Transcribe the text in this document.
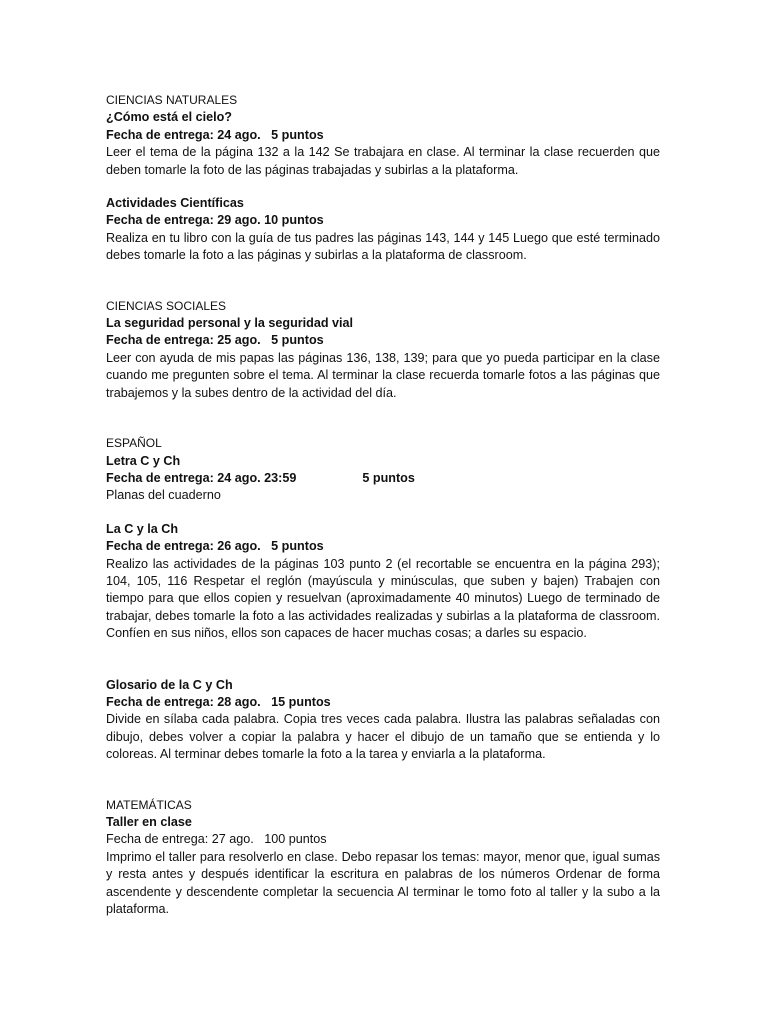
CIENCIAS NATURALES
¿Cómo está el cielo?
Fecha de entrega: 24 ago.   5 puntos

Leer el tema de la página 132 a la 142 Se trabajara en clase. Al terminar la clase recuerden que deben tomarle la foto de las páginas trabajadas y subirlas a la plataforma.

Actividades Científicas
Fecha de entrega: 29 ago. 10 puntos

Realiza en tu libro con la guía de tus padres las páginas 143, 144 y 145 Luego que esté terminado debes tomarle la foto a las páginas y subirlas a la plataforma de classroom.

CIENCIAS SOCIALES
La seguridad personal y la seguridad vial
Fecha de entrega: 25 ago.   5 puntos

Leer con ayuda de mis papas las páginas 136, 138, 139; para que yo pueda participar en la clase cuando me pregunten sobre el tema. Al terminar la clase recuerda tomarle fotos a las páginas que trabajemos y la subes dentro de la actividad del día.

ESPAÑOL
Letra C y Ch
Fecha de entrega: 24 ago. 23:59	5 puntos
Planas del cuaderno
La C y la Ch
Fecha de entrega: 26 ago.   5 puntos

Realizo las actividades de la páginas 103 punto 2 (el recortable se encuentra en la página 293); 104, 105, 116 Respetar el reglón (mayúscula y minúsculas, que suben y bajen) Trabajen con tiempo para que ellos copien y resuelvan (aproximadamente 40 minutos) Luego de terminado de trabajar, debes tomarle la foto a las actividades realizadas y subirlas a la plataforma de classroom. Confíen en sus niños, ellos son capaces de hacer muchas cosas; a darles su espacio.

Glosario de la C y Ch
Fecha de entrega: 28 ago.   15 puntos

Divide en sílaba cada palabra. Copia tres veces cada palabra. Ilustra las palabras señaladas con dibujo, debes volver a copiar la palabra y hacer el dibujo de un tamaño que se entienda y lo coloreas. Al terminar debes tomarle la foto a la tarea y enviarla a la plataforma.

MATEMÁTICAS
Taller en clase
Fecha de entrega: 27 ago.   100 puntos

Imprimo el taller para resolverlo en clase. Debo repasar los temas: mayor, menor que, igual sumas y resta antes y después identificar la escritura en palabras de los números Ordenar de forma ascendente y descendente completar la secuencia Al terminar le tomo foto al taller y la subo a la plataforma.
